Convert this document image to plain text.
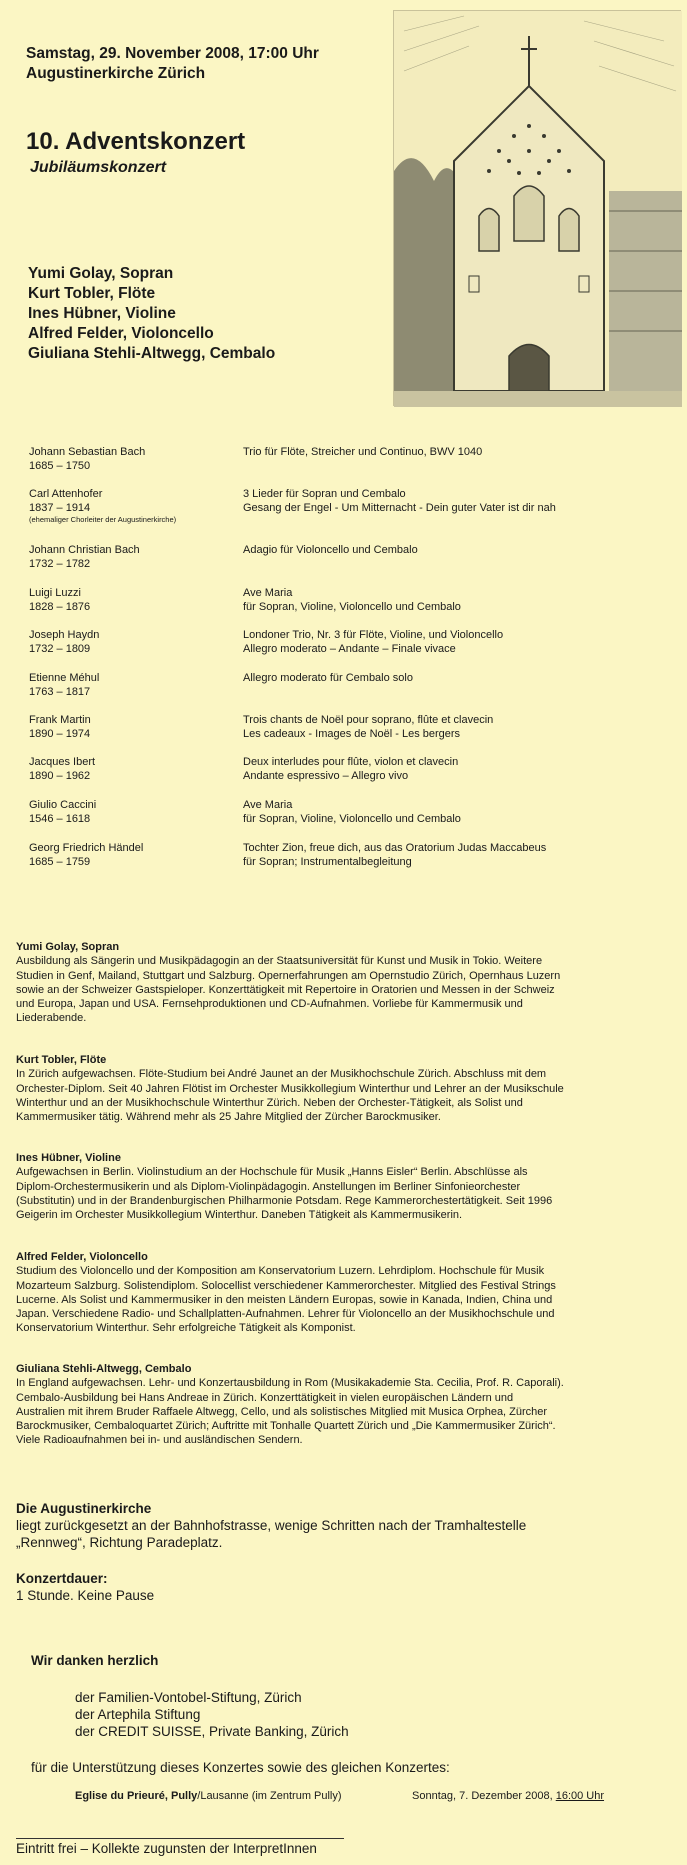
Samstag, 29. November 2008, 17:00 Uhr
Augustinerkirche Zürich
10. Adventskonzert
Jubiläumskonzert
Yumi Golay, Sopran
Kurt Tobler, Flöte
Ines Hübner, Violine
Alfred Felder, Violoncello
Giuliana Stehli-Altwegg, Cembalo
Johann Sebastian Bach
1685 – 1750
Trio für Flöte, Streicher und Continuo, BWV 1040
Carl Attenhofer
1837 – 1914
(ehemaliger Chorleiter der Augustinerkirche)
3 Lieder für Sopran und Cembalo
Gesang der Engel - Um Mitternacht - Dein guter Vater ist dir nah
Johann Christian Bach
1732 – 1782
Adagio für Violoncello und Cembalo
Luigi Luzzi
1828 – 1876
Ave Maria
für Sopran, Violine, Violoncello und Cembalo
Joseph Haydn
1732 – 1809
Londoner Trio, Nr. 3 für Flöte, Violine, und Violoncello
Allegro moderato – Andante – Finale vivace
Etienne Méhul
1763 – 1817
Allegro moderato für Cembalo solo
Frank Martin
1890 – 1974
Trois chants de Noël pour soprano, flûte et clavecin
Les cadeaux - Images de Noël - Les bergers
Jacques Ibert
1890 – 1962
Deux interludes pour flûte, violon et clavecin
Andante espressivo – Allegro vivo
Giulio Caccini
1546 – 1618
Ave Maria
für Sopran, Violine, Violoncello und Cembalo
Georg Friedrich Händel
1685 – 1759
Tochter Zion, freue dich, aus das Oratorium Judas Maccabeus
für Sopran; Instrumentalbegleitung
Yumi Golay, Sopran
Ausbildung als Sängerin und Musikpädagogin an der Staatsuniversität für Kunst und Musik in Tokio. Weitere
Studien in Genf, Mailand, Stuttgart und Salzburg. Opernerfahrungen am Opernstudio Zürich, Opernhaus Luzern
sowie an der Schweizer Gastspieloper. Konzerttätigkeit mit Repertoire in Oratorien und Messen in der Schweiz
und Europa, Japan und USA. Fernsehproduktionen und CD-Aufnahmen. Vorliebe für Kammermusik und
Liederabende.
Kurt Tobler, Flöte
In Zürich aufgewachsen. Flöte-Studium bei André Jaunet an der Musikhochschule Zürich. Abschluss mit dem
Orchester-Diplom. Seit 40 Jahren Flötist im Orchester Musikkollegium Winterthur und Lehrer an der Musikschule
Winterthur und an der Musikhochschule Winterthur Zürich. Neben der Orchester-Tätigkeit, als Solist und
Kammermusiker tätig. Während mehr als 25 Jahre Mitglied der Zürcher Barockmusiker.
Ines Hübner, Violine
Aufgewachsen in Berlin. Violinstudium an der Hochschule für Musik „Hanns Eisler“ Berlin. Abschlüsse als
Diplom-Orchestermusikerin und als Diplom-Violinpädagogin. Anstellungen im Berliner Sinfonieorchester
(Substitutin) und in der Brandenburgischen Philharmonie Potsdam. Rege Kammerorchestertätigkeit. Seit 1996
Geigerin im Orchester Musikkollegium Winterthur. Daneben Tätigkeit als Kammermusikerin.
Alfred Felder, Violoncello
Studium des Violoncello und der Komposition am Konservatorium Luzern. Lehrdiplom. Hochschule für Musik
Mozarteum Salzburg. Solistendiplom. Solocellist verschiedener Kammerorchester. Mitglied des Festival Strings
Lucerne. Als Solist und Kammermusiker in den meisten Ländern Europas, sowie in Kanada, Indien, China und
Japan. Verschiedene Radio- und Schallplatten-Aufnahmen. Lehrer für Violoncello an der Musikhochschule und
Konservatorium Winterthur. Sehr erfolgreiche Tätigkeit als Komponist.
Giuliana Stehli-Altwegg, Cembalo
In England aufgewachsen. Lehr- und Konzertausbildung in Rom (Musikakademie Sta. Cecilia, Prof. R. Caporali).
Cembalo-Ausbildung bei Hans Andreae in Zürich. Konzerttätigkeit in vielen europäischen Ländern und
Australien mit ihrem Bruder Raffaele Altwegg, Cello, und als solistisches Mitglied mit Musica Orphea, Zürcher
Barockmusiker, Cembaloquartet Zürich; Auftritte mit Tonhalle Quartett Zürich und „Die Kammermusiker Zürich“.
Viele Radioaufnahmen bei in- und ausländischen Sendern.
Die Augustinerkirche
liegt zurückgesetzt an der Bahnhofstrasse, wenige Schritten nach der Tramhaltestelle
„Rennweg“, Richtung Paradeplatz.
Konzertdauer:
1 Stunde. Keine Pause
Wir danken herzlich
der Familien-Vontobel-Stiftung, Zürich
der Artephila Stiftung
der CREDIT SUISSE, Private Banking, Zürich
für die Unterstützung dieses Konzertes sowie des gleichen Konzertes:
Eglise du Prieuré, Pully/Lausanne (im Zentrum Pully)	Sonntag, 7. Dezember 2008, 16:00 Uhr
Eintritt frei – Kollekte zugunsten der InterpretInnen
